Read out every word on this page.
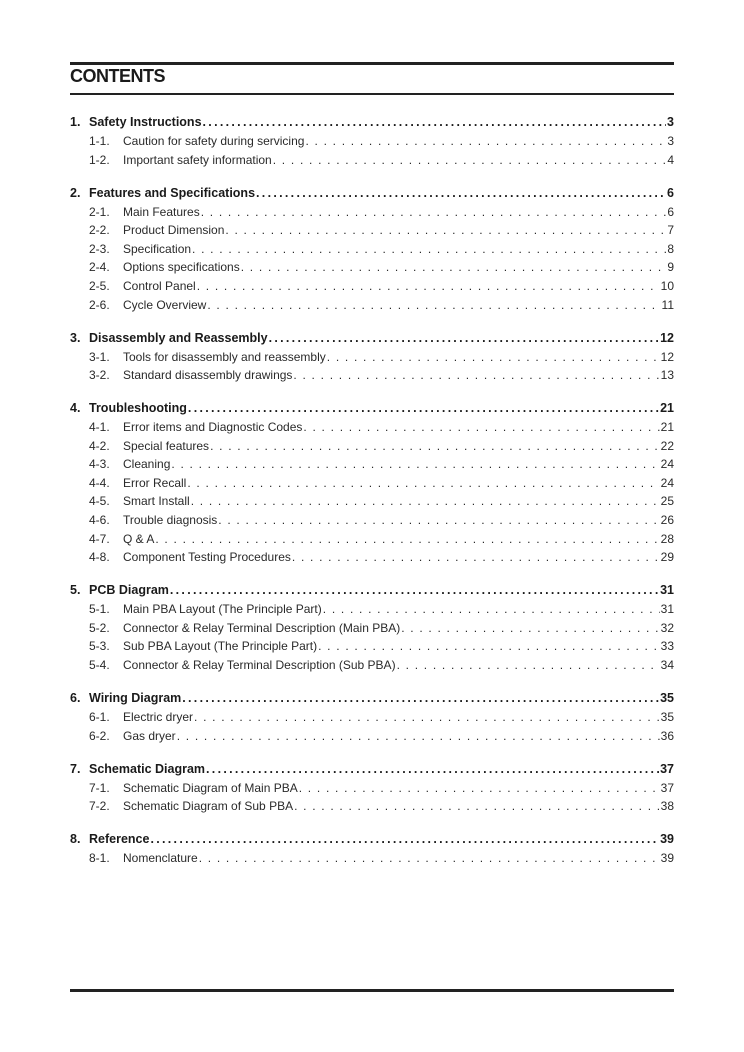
CONTENTS
1. Safety Instructions .....	3
1-1.	Caution for safety during servicing . . .	3
1-2.	Important safety information . . .	4
2. Features and Specifications .....	6
2-1.	Main Features . . .	6
2-2.	Product Dimension . . .	7
2-3.	Specification . . .	8
2-4.	Options specifications . . .	9
2-5.	Control Panel . . .	10
2-6.	Cycle Overview . . .	11
3. Disassembly and Reassembly .....	12
3-1.	Tools for disassembly and reassembly . . .	12
3-2.	Standard disassembly drawings . . .	13
4. Troubleshooting .....	21
4-1.	Error items and Diagnostic Codes . . .	21
4-2.	Special features . . .	22
4-3.	Cleaning . . .	24
4-4.	Error Recall . . .	24
4-5.	Smart Install . . .	25
4-6.	Trouble diagnosis . . .	26
4-7.	Q & A . . .	28
4-8.	Component Testing Procedures . . .	29
5. PCB Diagram .....	31
5-1.	Main PBA Layout (The Principle Part) . . .	31
5-2.	Connector & Relay Terminal Description (Main PBA) . . .	32
5-3.	Sub PBA Layout (The Principle Part) . . .	33
5-4.	Connector & Relay Terminal Description (Sub PBA) . . .	34
6. Wiring Diagram .....	35
6-1.	Electric dryer . . .	35
6-2.	Gas dryer . . .	36
7. Schematic Diagram .....	37
7-1.	Schematic Diagram of Main PBA . . .	37
7-2.	Schematic Diagram of Sub PBA . . .	38
8. Reference .....	39
8-1.	Nomenclature . . .	39
